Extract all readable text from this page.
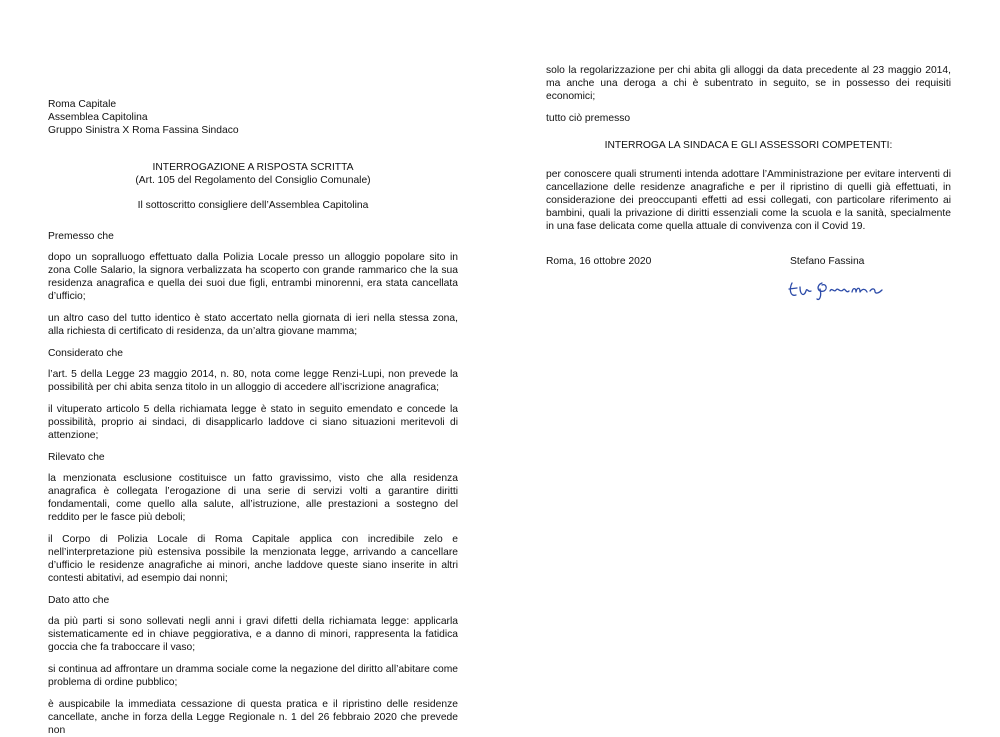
Roma Capitale
Assemblea Capitolina
Gruppo Sinistra X Roma Fassina Sindaco

INTERROGAZIONE A RISPOSTA SCRITTA

(Art. 105 del Regolamento del Consiglio Comunale)

Il sottoscritto consigliere dell’Assemblea Capitolina

Premesso che

dopo un sopralluogo effettuato dalla Polizia Locale presso un alloggio popolare sito in zona Colle Salario, la signora verbalizzata ha scoperto con grande rammarico che la sua residenza anagrafica e quella dei suoi due figli, entrambi minorenni, era stata cancellata d’ufficio;

un altro caso del tutto identico è stato accertato nella giornata di ieri nella stessa zona, alla richiesta di certificato di residenza, da un’altra giovane mamma;

Considerato che

l’art. 5 della Legge 23 maggio 2014, n. 80, nota come legge Renzi-Lupi, non prevede la possibilità per chi abita senza titolo in un alloggio di accedere all’iscrizione anagrafica;

il vituperato articolo 5 della richiamata legge è stato in seguito emendato e concede la possibilità, proprio ai sindaci, di disapplicarlo laddove ci siano situazioni meritevoli di attenzione;

Rilevato che

la menzionata esclusione costituisce un fatto gravissimo, visto che alla residenza anagrafica è collegata l’erogazione di una serie di servizi volti a garantire diritti fondamentali, come quello alla salute, all’istruzione, alle prestazioni a sostegno del reddito per le fasce più deboli;

il Corpo di Polizia Locale di Roma Capitale applica con incredibile zelo e nell’interpretazione più estensiva possibile la menzionata legge, arrivando a cancellare d’ufficio le residenze anagrafiche ai minori, anche laddove queste siano inserite in altri contesti abitativi, ad esempio dai nonni;

Dato atto che

da più parti si sono sollevati negli anni i gravi difetti della richiamata legge: applicarla sistematicamente ed in chiave peggiorativa, e a danno di minori, rappresenta la fatidica goccia che fa traboccare il vaso;

si continua ad affrontare un dramma sociale come la negazione del diritto all’abitare come problema di ordine pubblico;

è auspicabile la immediata cessazione di questa pratica e il ripristino delle residenze cancellate, anche in forza della Legge Regionale n. 1 del 26 febbraio 2020 che prevede non

solo la regolarizzazione per chi abita gli alloggi da data precedente al 23 maggio 2014, ma anche una deroga a chi è subentrato in seguito, se in possesso dei requisiti economici;

tutto ciò premesso

INTERROGA LA SINDACA E GLI ASSESSORI COMPETENTI:

per conoscere quali strumenti intenda adottare l’Amministrazione per evitare interventi di cancellazione delle residenze anagrafiche e per il ripristino di quelli già effettuati, in considerazione dei preoccupanti effetti ad essi collegati, con particolare riferimento ai bambini, quali la privazione di diritti essenziali come la scuola e la sanità, specialmente in una fase delicata come quella attuale di convivenza con il Covid 19.

Roma, 16 ottobre 2020	Stefano Fassina
